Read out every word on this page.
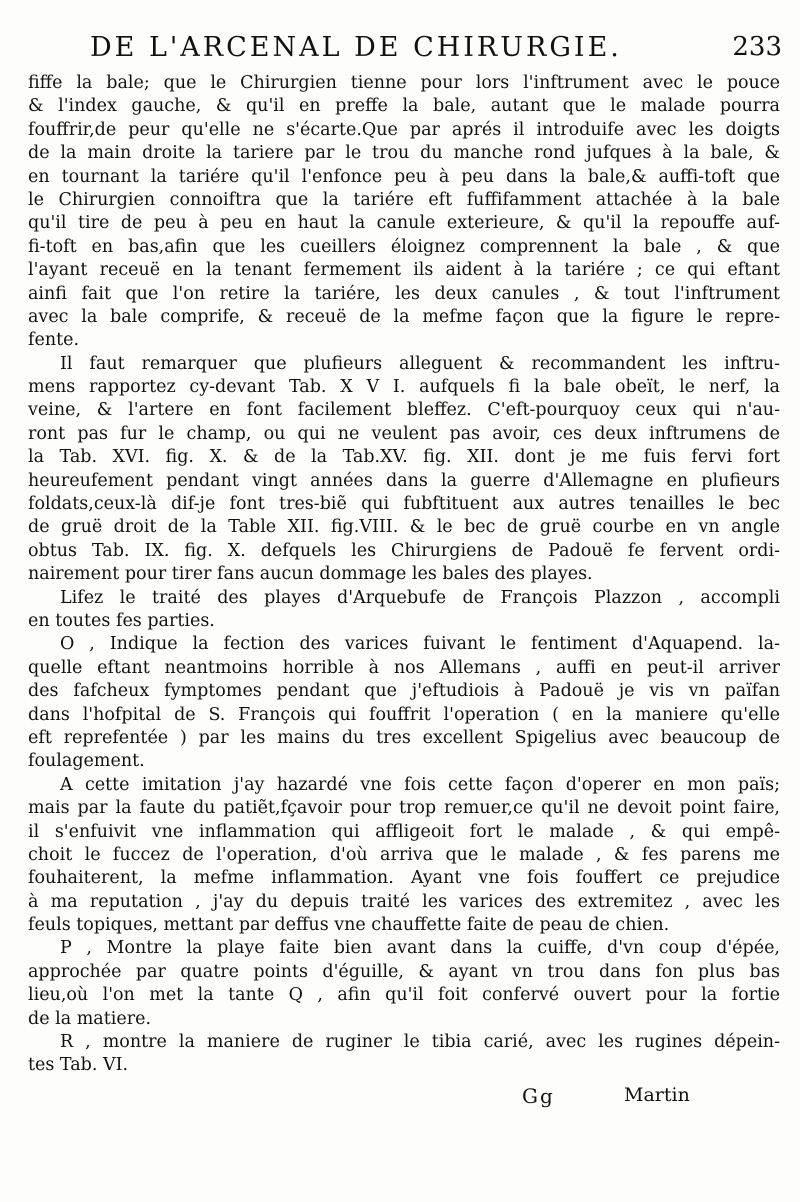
DE L'ARCENAL DE CHIRURGIE.	233
fiffe la bale; que le Chirurgien tienne pour lors l'inftrument avec le pouce
& l'index gauche, & qu'il en preffe la bale, autant que le malade pourra
fouffrir,de peur qu'elle ne s'écarte.Que par aprés il introduife avec les doigts
de la main droite la tariere par le trou du manche rond jufques à la bale, &
en tournant la tariére qu'il l'enfonce peu à peu dans la bale,& auffi-toft que
le Chirurgien connoiftra que la tariére eft fuffifamment attachée à la bale
qu'il tire de peu à peu en haut la canule exterieure, & qu'il la repouffe auf-
fi-toft en bas,afin que les cueillers éloignez comprennent la bale , & que
l'ayant receuë en la tenant fermement ils aident à la tariére ; ce qui eftant
ainfi fait que l'on retire la tariére, les deux canules , & tout l'inftrument
avec la bale comprife, & receuë de la mefme façon que la figure le repre-
fente.
Il faut remarquer que plufieurs alleguent & recommandent les inftru-
mens rapportez cy-devant Tab. X V I. aufquels fi la bale obeït, le nerf, la
veine, & l'artere en font facilement bleffez. C'eft-pourquoy ceux qui n'au-
ront pas fur le champ, ou qui ne veulent pas avoir, ces deux inftrumens de
la Tab. XVI. fig. X. & de la Tab.XV. fig. XII. dont je me fuis fervi fort
heureufement pendant vingt années dans la guerre d'Allemagne en plufieurs
foldats,ceux-là dif-je font tres-biẽ qui fubftituent aux autres tenailles le bec
de gruë droit de la Table XII. fig.VIII. & le bec de gruë courbe en vn angle
obtus Tab. IX. fig. X. defquels les Chirurgiens de Padouë fe fervent ordi-
nairement pour tirer fans aucun dommage les bales des playes.
Lifez le traité des playes d'Arquebufe de François Plazzon , accompli
en toutes fes parties.
O , Indique la fection des varices fuivant le fentiment d'Aquapend. la-
quelle eftant neantmoins horrible à nos Allemans , auffi en peut-il arriver
des fafcheux fymptomes pendant que j'eftudiois à Padouë je vis vn païfan
dans l'hofpital de S. François qui fouffrit l'operation ( en la maniere qu'elle
eft reprefentée ) par les mains du tres excellent Spigelius avec beaucoup de
foulagement.
A cette imitation j'ay hazardé vne fois cette façon d'operer en mon païs;
mais par la faute du patiẽt,fçavoir pour trop remuer,ce qu'il ne devoit point faire,
il s'enfuivit vne inflammation qui affligeoit fort le malade , & qui empê-
choit le fuccez de l'operation, d'où arriva que le malade , & fes parens me
fouhaiterent, la mefme inflammation. Ayant vne fois fouffert ce prejudice
à ma reputation , j'ay du depuis traité les varices des extremitez , avec les
feuls topiques, mettant par deffus vne chauffette faite de peau de chien.
P , Montre la playe faite bien avant dans la cuiffe, d'vn coup d'épée,
approchée par quatre points d'éguille, & ayant vn trou dans fon plus bas
lieu,où l'on met la tante Q , afin qu'il foit confervé ouvert pour la fortie
de la matiere.
R , montre la maniere de ruginer le tibia carié, avec les rugines dépein-
tes Tab. VI.
Gg	Martin
